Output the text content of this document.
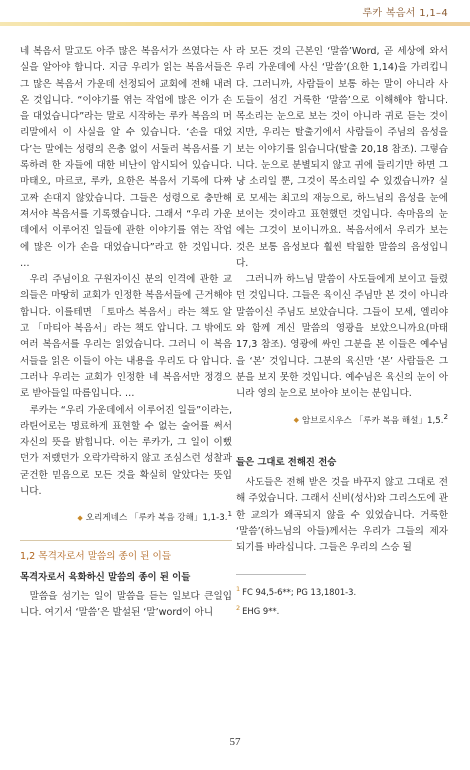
루카 복음서 1,1–4

네 복음서 말고도 아주 많은 복음서가 쓰였다는 사실을 알아야 합니다. 지금 우리가 읽는 복음서들은 그 많은 복음서 가운데 선정되어 교회에 전해 내려온 것입니다. “이야기를 엮는 작업에 많은 이가 손을 대었습니다”라는 말로 시작하는 루카 복음의 머리말에서 이 사실을 알 수 있습니다. ‘손을 대었다’는 말에는 성령의 은총 없이 서둘러 복음서를 기록하려 한 자들에 대한 비난이 암시되어 있습니다. 마태오, 마르코, 루카, 요한은 복음서 기록에 다짜고짜 손대지 않았습니다. 그들은 성령으로 충만해져서야 복음서를 기록했습니다. 그래서 “우리 가운데에서 이루어진 일들에 관한 이야기를 엮는 작업에 많은 이가 손을 대었습니다”라고 한 것입니다. …

우리 주님이요 구원자이신 분의 인격에 관한 교의들은 마땅히 교회가 인정한 복음서들에 근거해야 합니다. 이를테면 「토마스 복음서」라는 책도 알고 「마티아 복음서」라는 책도 압니다. 그 밖에도 여러 복음서를 우리는 읽었습니다. 그러니 이 복음서들을 읽은 이들이 아는 내용을 우리도 다 압니다. 그러나 우리는 교회가 인정한 네 복음서만 정경으로 받아들일 따름입니다. …

루카는 “우리 가운데에서 이루어진 일들”이라는, 라틴어로는 명료하게 표현할 수 없는 술어를 써서 자신의 뜻을 밝힙니다. 이는 루카가, 그 일이 이뻤던가 저랬던가 오락가락하지 않고 조심스런 성찰과 굳건한 믿음으로 모든 것을 확실히 알았다는 뜻입니다.

◆ 오리게네스 「루카 복음 강해」1,1-3.$^1$

1,2 목격자로서 말씀의 종이 된 이들

목격자로서 육화하신 말씀의 종이 된 이들

말씀을 섬기는 일이 말씀을 듣는 일보다 큰일입니다. 여기서 ‘말씀’은 발설된 ‘말’word이 아니

라 모든 것의 근본인 ‘말씀’Word, 곧 세상에 와서 우리 가운데에 사신 ‘말씀’(요한 1,14)을 가리킵니다. 그러니까, 사람들이 보통 하는 말이 아니라 사도들이 섬긴 거룩한 ‘말씀’으로 이해해야 합니다. 목소리는 눈으로 보는 것이 아니라 귀로 듣는 것이지만, 우리는 탈출기에서 사람들이 주님의 음성을 보는 이야기를 읽습니다(탈출 20,18 참조). 그렇습니다. 눈으로 분별되지 않고 귀에 들리기만 하면 그냥 소리일 뿐, 그것이 목소리일 수 있겠습니까? 실로 모세는 최고의 재능으로, 하느님의 음성을 눈에 보이는 것이라고 표현했던 것입니다. 속마음의 눈에는 그것이 보이니까요. 복음서에서 우리가 보는 것은 보통 음성보다 훨씬 탁월한 말씀의 음성입니다.

그러니까 하느님 말씀이 사도들에게 보이고 들렸던 것입니다. 그들은 육이신 주님만 본 것이 아니라 말씀이신 주님도 보았습니다. 그들이 모세, 엘리야와 함께 계신 말씀의 영광을 보았으니까요(마태 17,3 참조). 영광에 싸인 그분을 본 이들은 예수님을 ‘본’ 것입니다. 그분의 육신만 ‘본’ 사람들은 그분을 보지 못한 것입니다. 예수님은 육신의 눈이 아니라 영의 눈으로 보아야 보이는 분입니다.

◆ 암브로시우스 「루카 복음 해설」1,5.$^2$

들은 그대로 전해진 전승

사도들은 전해 받은 것을 바꾸지 않고 그대로 전해 주었습니다. 그래서 신비(성사)와 그리스도에 관한 교의가 왜곡되지 않을 수 있었습니다. 거룩한 ‘말씀’(하느님의 아들)께서는 우리가 그들의 제자 되기를 바라십니다. 그들은 우리의 스승 될

$^1$ FC 94,5-6**; PG 13,1801-3.

$^2$ EHG 9**.

57
